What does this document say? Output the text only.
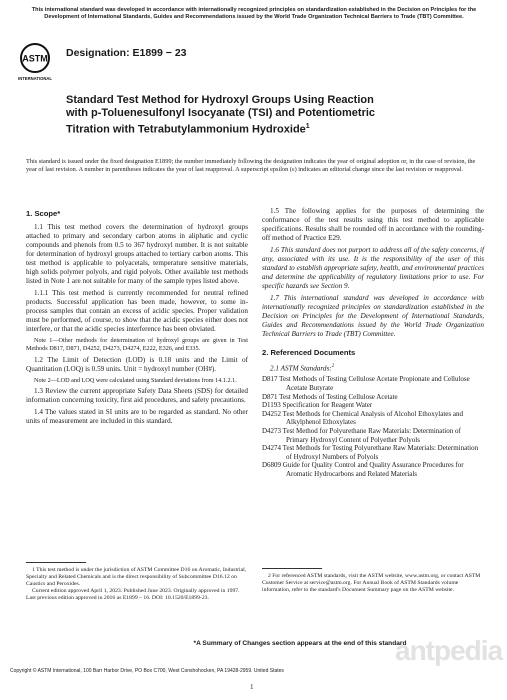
This international standard was developed in accordance with internationally recognized principles on standardization established in the Decision on Principles for the Development of International Standards, Guides and Recommendations issued by the World Trade Organization Technical Barriers to Trade (TBT) Committee.
ASTM
INTERNATIONAL
Designation: E1899 − 23
Standard Test Method for Hydroxyl Groups Using Reaction with p-Toluenesulfonyl Isocyanate (TSI) and Potentiometric Titration with Tetrabutylammonium Hydroxide$^1$
This standard is issued under the fixed designation E1899; the number immediately following the designation indicates the year of original adoption or, in the case of revision, the year of last revision. A number in parentheses indicates the year of last reapproval. A superscript epsilon (ε) indicates an editorial change since the last revision or reapproval.
1. Scope*

1.1 This test method covers the determination of hydroxyl groups attached to primary and secondary carbon atoms in aliphatic and cyclic compounds and phenols from 0.5 to 367 hydroxyl number. It is not suitable for determination of hydroxyl groups attached to tertiary carbon atoms. This test method is applicable to polyacetals, temperature sensitive materials, high solids polymer polyols, and rigid polyols. Other available test methods listed in Note 1 are not suitable for many of the sample types listed above.

1.1.1 This test method is currently recommended for neutral refined products. Successful application has been made, however, to some in-process samples that contain an excess of acidic species. Proper validation must be performed, of course, to show that the acidic species either does not interfere, or that the acidic species interference has been obviated.

Note 1—Other methods for determination of hydroxyl groups are given in Test Methods D817, D871, D4252, D4273, D4274, E222, E326, and E335.

1.2 The Limit of Detection (LOD) is 0.18 units and the Limit of Quantitation (LOQ) is 0.59 units. Unit = hydroxyl number (OH#).

Note 2—LOD and LOQ were calculated using Standard deviations from 14.1.2.1.

1.3 Review the current appropriate Safety Data Sheets (SDS) for detailed information concerning toxicity, first aid procedures, and safety precautions.

1.4 The values stated in SI units are to be regarded as standard. No other units of measurement are included in this standard.

1.5 The following applies for the purposes of determining the conformance of the test results using this test method to applicable specifications. Results shall be rounded off in accordance with the rounding-off method of Practice E29.

1.6 This standard does not purport to address all of the safety concerns, if any, associated with its use. It is the responsibility of the user of this standard to establish appropriate safety, health, and environmental practices and determine the applicability of regulatory limitations prior to use. For specific hazards see Section 9.

1.7 This international standard was developed in accordance with internationally recognized principles on standardization established in the Decision on Principles for the Development of International Standards, Guides and Recommendations issued by the World Trade Organization Technical Barriers to Trade (TBT) Committee.

2. Referenced Documents

2.1 ASTM Standards:$^2$

D817 Test Methods of Testing Cellulose Acetate Propionate and Cellulose Acetate Butyrate
D871 Test Methods of Testing Cellulose Acetate
D1193 Specification for Reagent Water
D4252 Test Methods for Chemical Analysis of Alcohol Ethoxylates and Alkylphenol Ethoxylates
D4273 Test Method for Polyurethane Raw Materials: Determination of Primary Hydroxyl Content of Polyether Polyols
D4274 Test Methods for Testing Polyurethane Raw Materials: Determination of Hydroxyl Numbers of Polyols
D6809 Guide for Quality Control and Quality Assurance Procedures for Aromatic Hydrocarbons and Related Materials

1 This test method is under the jurisdiction of ASTM Committee D16 on Aromatic, Industrial, Specialty and Related Chemicals and is the direct responsibility of Subcommittee D16.12 on Caustics and Peroxides.

Current edition approved April 1, 2023. Published June 2023. Originally approved in 1997. Last previous edition approved in 2016 as E1899 – 16. DOI: 10.1520/E1899-23.

2 For referenced ASTM standards, visit the ASTM website, www.astm.org, or contact ASTM Customer Service at service@astm.org. For Annual Book of ASTM Standards volume information, refer to the standard's Document Summary page on the ASTM website.

antpedia
*A Summary of Changes section appears at the end of this standard
Copyright © ASTM International, 100 Barr Harbor Drive, PO Box C700, West Conshohocken, PA 19428-2959. United States
1
